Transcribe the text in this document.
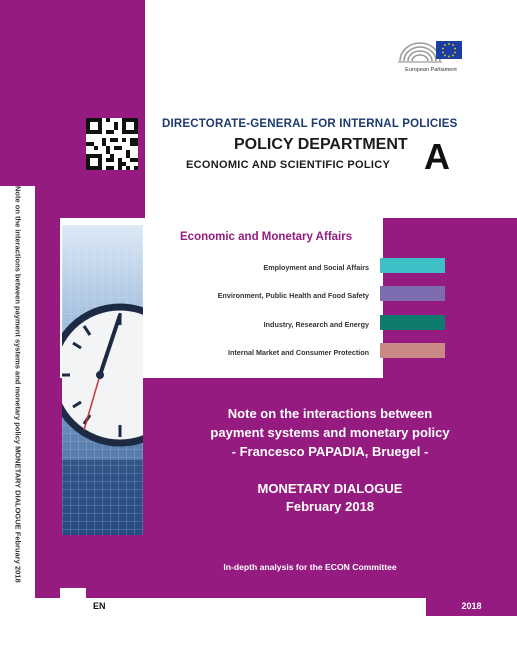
Note on the interactions between payment systems and monetary policy MONETARY DIALOGUE February 2018
European Parliament
DIRECTORATE-GENERAL FOR INTERNAL POLICIES
POLICY DEPARTMENT
ECONOMIC AND SCIENTIFIC POLICY A
Economic and Monetary Affairs
Employment and Social Affairs
Environment, Public Health and Food Safety
Industry, Research and Energy
Internal Market and Consumer Protection
Note on the interactions between
payment systems and monetary policy
- Francesco PAPADIA, Bruegel -
MONETARY DIALOGUE
February 2018
In-depth analysis for the ECON Committee
EN	2018
